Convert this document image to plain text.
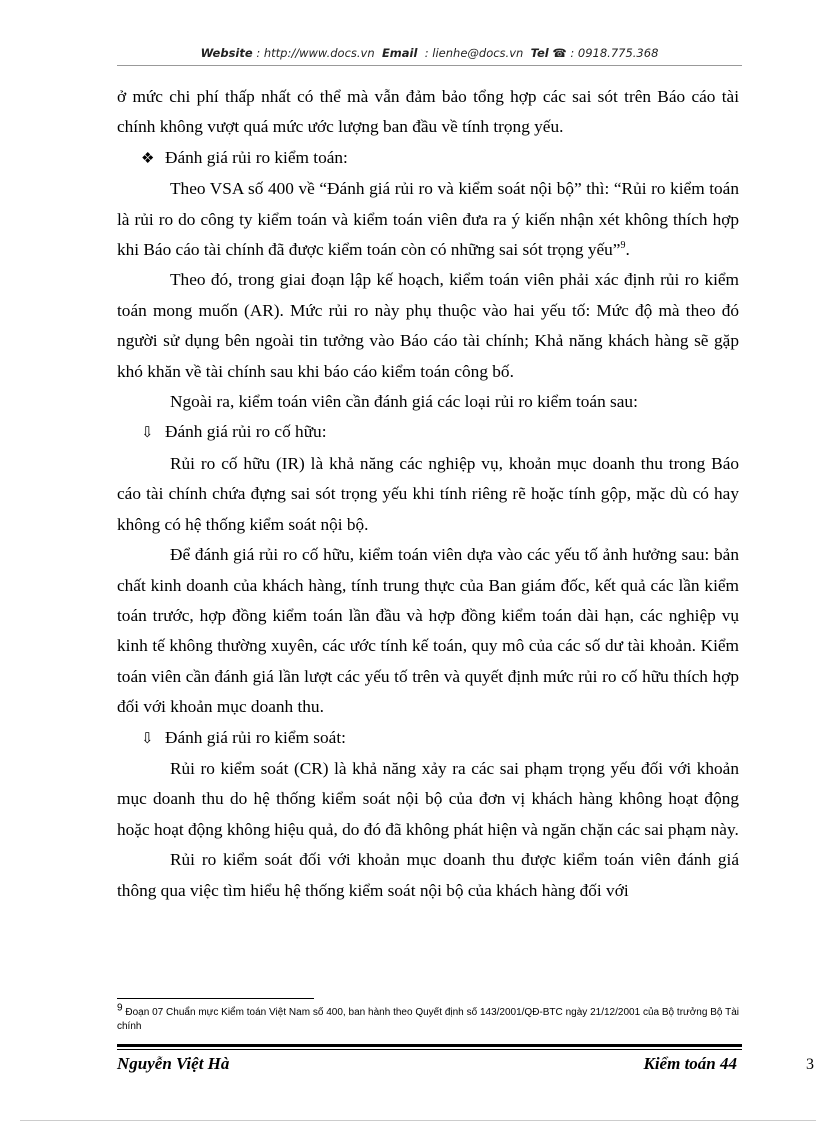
Website : http://www.docs.vn Email : lienhe@docs.vn Tel ☎ : 0918.775.368

ở mức chi phí thấp nhất có thể mà vẫn đảm bảo tổng hợp các sai sót trên Báo cáo tài chính không vượt quá mức ước lượng ban đầu về tính trọng yếu.

❖ Đánh giá rủi ro kiểm toán:

Theo VSA số 400 về “Đánh giá rủi ro và kiểm soát nội bộ” thì: “Rủi ro kiểm toán là rủi ro do công ty kiểm toán và kiểm toán viên đưa ra ý kiến nhận xét không thích hợp khi Báo cáo tài chính đã được kiểm toán còn có những sai sót trọng yếu”$^9$.

Theo đó, trong giai đoạn lập kế hoạch, kiểm toán viên phải xác định rủi ro kiểm toán mong muốn (AR). Mức rủi ro này phụ thuộc vào hai yếu tố: Mức độ mà theo đó người sử dụng bên ngoài tin tưởng vào Báo cáo tài chính; Khả năng khách hàng sẽ gặp khó khăn về tài chính sau khi báo cáo kiểm toán công bố.

Ngoài ra, kiểm toán viên cần đánh giá các loại rủi ro kiểm toán sau:

⇩ Đánh giá rủi ro cố hữu:

Rủi ro cố hữu (IR) là khả năng các nghiệp vụ, khoản mục doanh thu trong Báo cáo tài chính chứa đựng sai sót trọng yếu khi tính riêng rẽ hoặc tính gộp, mặc dù có hay không có hệ thống kiểm soát nội bộ.

Để đánh giá rủi ro cố hữu, kiểm toán viên dựa vào các yếu tố ảnh hưởng sau: bản chất kinh doanh của khách hàng, tính trung thực của Ban giám đốc, kết quả các lần kiểm toán trước, hợp đồng kiểm toán lần đầu và hợp đồng kiểm toán dài hạn, các nghiệp vụ kinh tế không thường xuyên, các ước tính kế toán, quy mô của các số dư tài khoản. Kiểm toán viên cần đánh giá lần lượt các yếu tố trên và quyết định mức rủi ro cố hữu thích hợp đối với khoản mục doanh thu.

⇩ Đánh giá rủi ro kiểm soát:

Rủi ro kiểm soát (CR) là khả năng xảy ra các sai phạm trọng yếu đối với khoản mục doanh thu do hệ thống kiểm soát nội bộ của đơn vị khách hàng không hoạt động hoặc hoạt động không hiệu quả, do đó đã không phát hiện và ngăn chặn các sai phạm này.

Rủi ro kiểm soát đối với khoản mục doanh thu được kiểm toán viên đánh giá thông qua việc tìm hiểu hệ thống kiểm soát nội bộ của khách hàng đối với

$^9$ Đoạn 07 Chuẩn mực Kiểm toán Việt Nam số 400, ban hành theo Quyết định số 143/2001/QĐ-BTC ngày 21/12/2001 của Bộ trưởng Bộ Tài chính
Nguyễn Việt Hà	Kiểm toán 44	3
